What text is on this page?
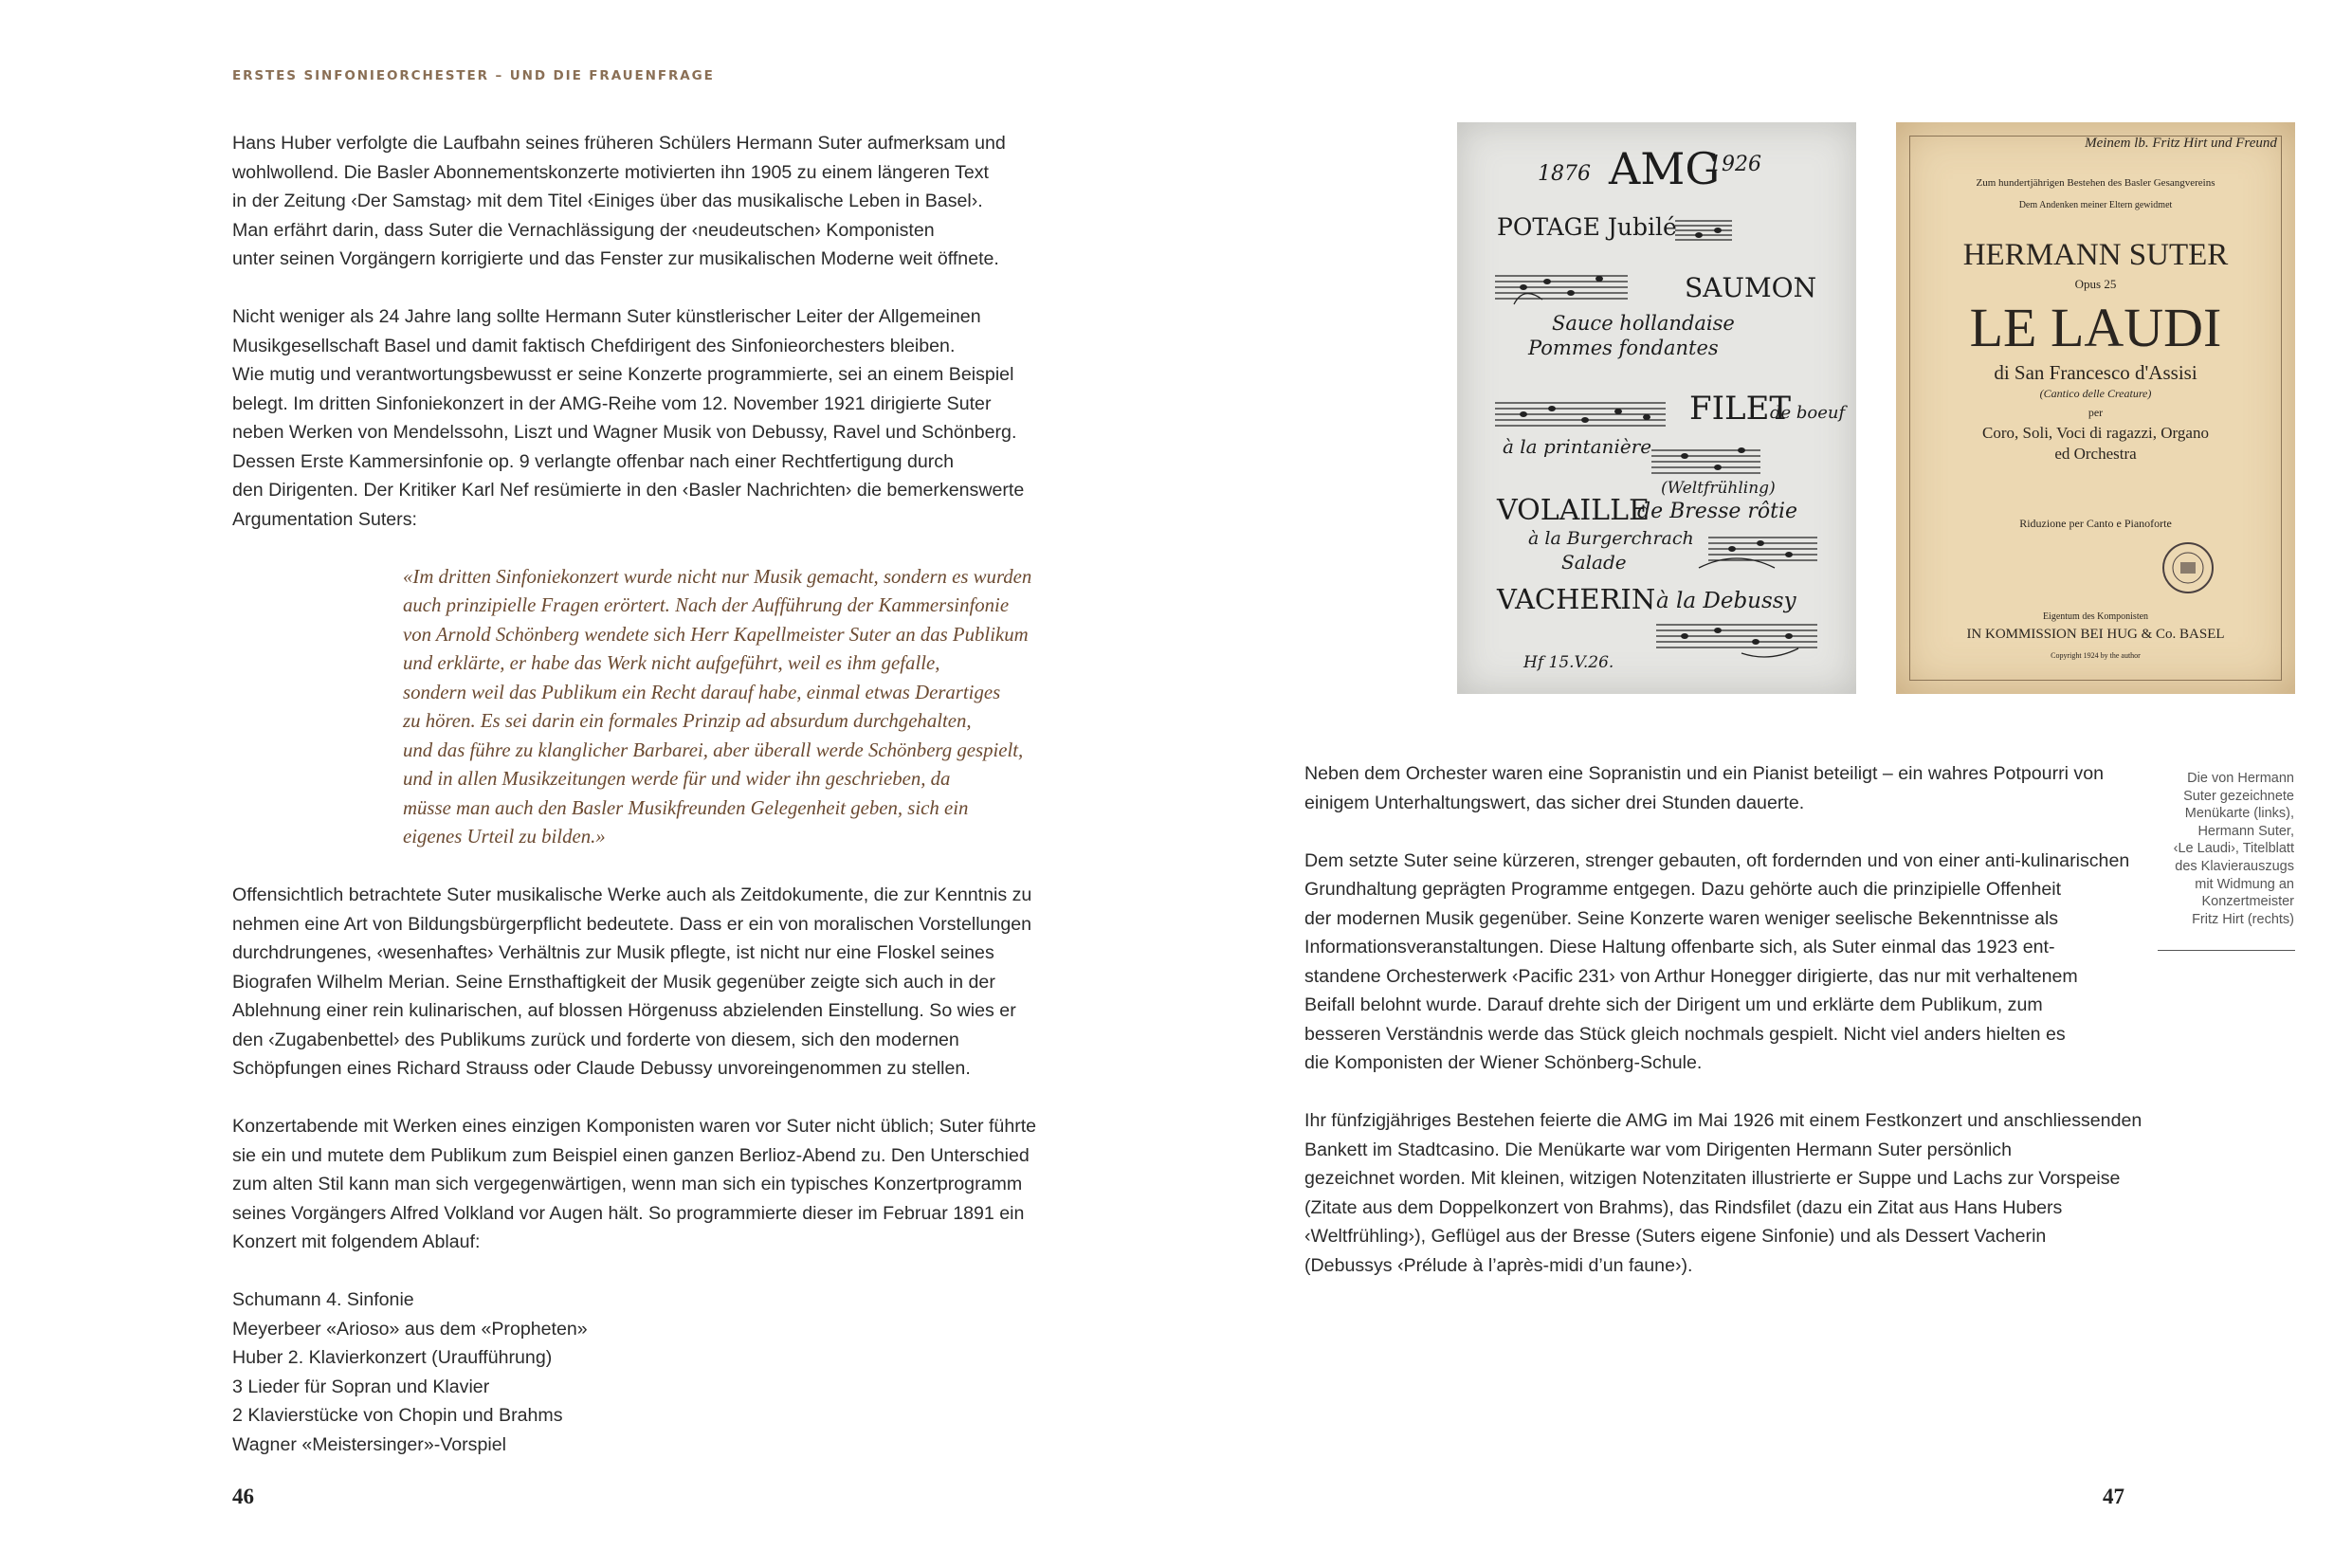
ERSTES SINFONIEORCHESTER – UND DIE FRAUENFRAGE

Hans Huber verfolgte die Laufbahn seines früheren Schülers Hermann Suter aufmerksam und
wohlwollend. Die Basler Abonnementskonzerte motivierten ihn 1905 zu einem längeren Text
in der Zeitung ‹Der Samstag› mit dem Titel ‹Einiges über das musikalische Leben in Basel›.
Man erfährt darin, dass Suter die Vernachlässigung der ‹neudeutschen› Komponisten
unter seinen Vorgängern korrigierte und das Fenster zur musikalischen Moderne weit öffnete.

Nicht weniger als 24 Jahre lang sollte Hermann Suter künstlerischer Leiter der Allgemeinen
Musikgesellschaft Basel und damit faktisch Chefdirigent des Sinfonieorchesters bleiben.
Wie mutig und verantwortungsbewusst er seine Konzerte programmierte, sei an einem Beispiel
belegt. Im dritten Sinfoniekonzert in der AMG-Reihe vom 12. November 1921 dirigierte Suter
neben Werken von Mendelssohn, Liszt und Wagner Musik von Debussy, Ravel und Schönberg.
Dessen Erste Kammersinfonie op. 9 verlangte offenbar nach einer Rechtfertigung durch
den Dirigenten. Der Kritiker Karl Nef resümierte in den ‹Basler Nachrichten› die bemerkenswerte
Argumentation Suters:

«Im dritten Sinfoniekonzert wurde nicht nur Musik gemacht, sondern es wurden
auch prinzipielle Fragen erörtert. Nach der Aufführung der Kammersinfonie
von Arnold Schönberg wendete sich Herr Kapellmeister Suter an das Publikum
und erklärte, er habe das Werk nicht aufgeführt, weil es ihm gefalle,
sondern weil das Publikum ein Recht darauf habe, einmal etwas Derartiges
zu hören. Es sei darin ein formales Prinzip ad absurdum durchgehalten,
und das führe zu klanglicher Barbarei, aber überall werde Schönberg gespielt,
und in allen Musikzeitungen werde für und wider ihn geschrieben, da
müsse man auch den Basler Musikfreunden Gelegenheit geben, sich ein
eigenes Urteil zu bilden.»

Offensichtlich betrachtete Suter musikalische Werke auch als Zeitdokumente, die zur Kenntnis zu
nehmen eine Art von Bildungsbürgerpflicht bedeutete. Dass er ein von moralischen Vorstellungen
durchdrungenes, ‹wesenhaftes› Verhältnis zur Musik pflegte, ist nicht nur eine Floskel seines
Biografen Wilhelm Merian. Seine Ernsthaftigkeit der Musik gegenüber zeigte sich auch in der
Ablehnung einer rein kulinarischen, auf blossen Hörgenuss abzielenden Einstellung. So wies er
den ‹Zugabenbettel› des Publikums zurück und forderte von diesem, sich den modernen
Schöpfungen eines Richard Strauss oder Claude Debussy unvoreingenommen zu stellen.

Konzertabende mit Werken eines einzigen Komponisten waren vor Suter nicht üblich; Suter führte
sie ein und mutete dem Publikum zum Beispiel einen ganzen Berlioz-Abend zu. Den Unterschied
zum alten Stil kann man sich vergegenwärtigen, wenn man sich ein typisches Konzertprogramm
seines Vorgängers Alfred Volkland vor Augen hält. So programmierte dieser im Februar 1891 ein
Konzert mit folgendem Ablauf:

Schumann 4. Sinfonie
Meyerbeer «Arioso» aus dem «Propheten»
Huber 2. Klavierkonzert (Uraufführung)
3 Lieder für Sopran und Klavier
2 Klavierstücke von Chopin und Brahms
Wagner «Meistersinger»-Vorspiel

46
1876 AMG
1926
POTAGE Jubilé
SAUMON
Sauce hollandaise
Pommes fondantes
FILET
de boeuf
à la printanière
(Weltfrühling)
VOLAILLE
de Bresse rôtie
à la Burgerchrach
Salade
VACHERIN à la Debussy
Hf 15.V.26.
Meinem lb. Fritz Hirt und Freund
Zum hundertjährigen Bestehen des Basler Gesangvereins
Dem Andenken meiner Eltern gewidmet
HERMANN SUTER
Opus 25
LE LAUDI
di San Francesco d'Assisi
(Cantico delle Creature)
per
Coro, Soli, Voci di ragazzi, Organo
ed Orchestra
Riduzione per Canto e Pianoforte
Eigentum des Komponisten
IN KOMMISSION BEI HUG & Co. BASEL
Copyright 1924 by the author
Die von Hermann
Suter gezeichnete
Menükarte (links),
Hermann Suter,
‹Le Laudi›, Titelblatt
des Klavierauszugs
mit Widmung an
Konzertmeister
Fritz Hirt (rechts)

Neben dem Orchester waren eine Sopranistin und ein Pianist beteiligt – ein wahres Potpourri von
einigem Unterhaltungswert, das sicher drei Stunden dauerte.

Dem setzte Suter seine kürzeren, strenger gebauten, oft fordernden und von einer anti-kulinarischen
Grundhaltung geprägten Programme entgegen. Dazu gehörte auch die prinzipielle Offenheit
der modernen Musik gegenüber. Seine Konzerte waren weniger seelische Bekenntnisse als
Informationsveranstaltungen. Diese Haltung offenbarte sich, als Suter einmal das 1923 ent-
standene Orchesterwerk ‹Pacific 231› von Arthur Honegger dirigierte, das nur mit verhaltenem
Beifall belohnt wurde. Darauf drehte sich der Dirigent um und erklärte dem Publikum, zum
besseren Verständnis werde das Stück gleich nochmals gespielt. Nicht viel anders hielten es
die Komponisten der Wiener Schönberg-Schule.

Ihr fünfzigjähriges Bestehen feierte die AMG im Mai 1926 mit einem Festkonzert und anschliessenden
Bankett im Stadtcasino. Die Menükarte war vom Dirigenten Hermann Suter persönlich
gezeichnet worden. Mit kleinen, witzigen Notenzitaten illustrierte er Suppe und Lachs zur Vorspeise
(Zitate aus dem Doppelkonzert von Brahms), das Rindsfilet (dazu ein Zitat aus Hans Hubers
‹Weltfrühling›), Geflügel aus der Bresse (Suters eigene Sinfonie) und als Dessert Vacherin
(Debussys ‹Prélude à l’après-midi d’un faune›).

47
